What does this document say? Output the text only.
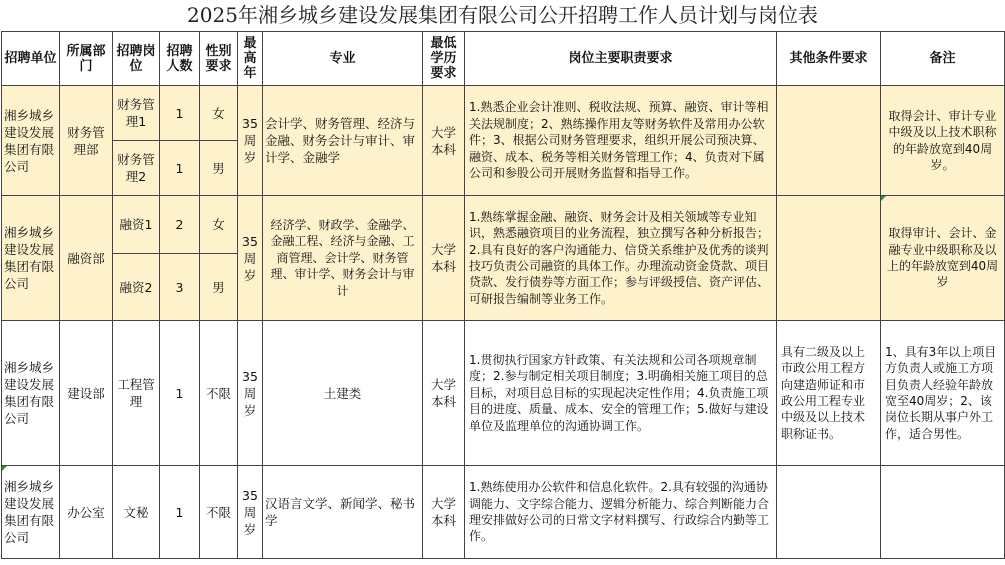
2025年湘乡城乡建设发展集团有限公司公开招聘工作人员计划与岗位表
招聘单位	所属部门	招聘岗位	招聘人数	性别要求	最高年	专业	最低学历要求	岗位主要职责要求	其他条件要求	备注
湘乡城乡建设发展集团有限公司	财务管理部	财务管理1	1	女	35周岁	会计学、财务管理、经济与金融、财务会计与审计、审计学、金融学	大学本科	1.熟悉企业会计准则、税收法规、预算、融资、审计等相关法规制度；2、熟练操作用友等财务软件及常用办公软件；3、根据公司财务管理要求，组织开展公司预决算、融资、成本、税务等相关财务管理工作；4、负责对下属公司和参股公司开展财务监督和指导工作。		取得会计、审计专业中级及以上技术职称的年龄放宽到40周岁。
		财务管理2	1	男						
湘乡城乡建设发展集团有限公司	融资部	融资1	2	女	35周岁	经济学、财政学、金融学、金融工程、经济与金融、工商管理、会计学、财务管理、审计学、财务会计与审计	大学本科	1.熟练掌握金融、融资、财务会计及相关领域等专业知识，熟悉融资项目的业务流程，独立撰写各种分析报告；2.具有良好的客户沟通能力、信贷关系维护及优秀的谈判技巧负责公司融资的具体工作。办理流动资金贷款、项目贷款、发行债券等方面工作；参与评级授信、资产评估、可研报告编制等业务工作。		取得审计、会计、金融专业中级职称及以上的年龄放宽到40周岁
		融资2	3	男						
湘乡城乡建设发展集团有限公司	建设部	工程管理	1	不限	35周岁	土建类	大学本科	1.贯彻执行国家方针政策、有关法规和公司各项规章制度；2.参与制定相关项目制度；3.明确相关施工项目的总目标，对项目总目标的实现起决定性作用；4.负责施工项目的进度、质量、成本、安全的管理工作；5.做好与建设单位及监理单位的沟通协调工作。	具有二级及以上市政公用工程方向建造师证和市政公用工程专业中级及以上技术职称证书。	1、具有3年以上项目方负责人或施工方项目负责人经验年龄放宽至40周岁；2、该岗位长期从事户外工作，适合男性。
湘乡城乡建设发展集团有限公司	办公室	文秘	1	不限	35周岁	汉语言文学、新闻学、秘书学	大学本科	1.熟练使用办公软件和信息化软件。2.具有较强的沟通协调能力、文字综合能力、逻辑分析能力、综合判断能力合理安排做好公司的日常文字材料撰写、行政综合内勤等工作。		
